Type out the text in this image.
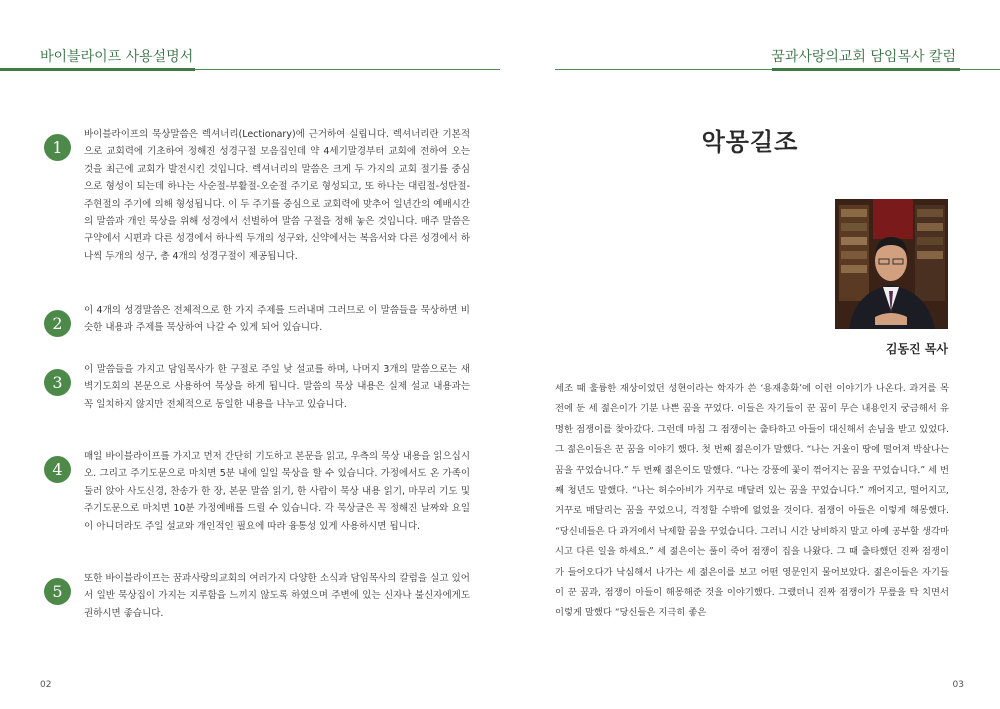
바이블라이프 사용설명서
1
바이블라이프의 묵상말씀은 렉셔너리(Lectionary)에 근거하여 실립니다. 렉셔너리란 기본적으로 교회력에 기초하여 정해진 성경구절 모음집인데 약 4세기말경부터 교회에 전하여 오는 것을 최근에 교회가 발전시킨 것입니다. 렉셔너리의 말씀은 크게 두 가지의 교회 절기를 중심으로 형성이 되는데 하나는 사순절-부활절-오순절 주기로 형성되고, 또 하나는 대림절-성탄절-주현절의 주기에 의해 형성됩니다. 이 두 주기를 중심으로 교회력에 맞추어 일년간의 예배시간의 말씀과 개인 묵상을 위해 성경에서 선별하여 말씀 구절을 정해 놓은 것입니다. 매주 말씀은 구약에서 시편과 다른 성경에서 하나씩 두개의 성구와, 신약에서는 복음서와 다른 성경에서 하나씩 두개의 성구, 총 4개의 성경구절이 제공됩니다.
2
이 4개의 성경말씀은 전체적으로 한 가지 주제를 드러내며 그러므로 이 말씀들을 묵상하면 비슷한 내용과 주제를 묵상하여 나갈 수 있게 되어 있습니다.
3
이 말씀들을 가지고 담임목사가 한 구절로 주일 낮 설교를 하며, 나머지 3개의 말씀으로는 새벽기도회의 본문으로 사용하여 묵상을 하게 됩니다. 말씀의 묵상 내용은 실제 설교 내용과는 꼭 일치하지 않지만 전체적으로 동일한 내용을 나누고 있습니다.
4
매일 바이블라이프를 가지고 먼저 간단히 기도하고 본문을 읽고, 우측의 묵상 내용을 읽으십시오. 그리고 주기도문으로 마치면 5분 내에 일일 묵상을 할 수 있습니다. 가정에서도 온 가족이 둘러 앉아 사도신경, 찬송가 한 장, 본문 말씀 읽기, 한 사람이 묵상 내용 읽기, 마무리 기도 및 주기도문으로 마치면 10분 가정예배를 드릴 수 있습니다. 각 묵상글은 꼭 정해진 날짜와 요일이 아니더라도 주일 설교와 개인적인 필요에 따라 융통성 있게 사용하시면 됩니다.
5
또한 바이블라이프는 꿈과사랑의교회의 여러가지 다양한 소식과 담임목사의 칼럼을 실고 있어서 일반 묵상집이 가지는 지루함을 느끼지 않도록 하였으며 주변에 있는 신자나 불신자에게도 권하시면 좋습니다.
02
꿈과사랑의교회 담임목사 칼럼
악몽길조
김동진 목사
세조 때 훌륭한 재상이었던 성현이라는 학자가 쓴 ‘용재총화’에 이런 이야기가 나온다. 과거를 목전에 둔 세 젊은이가 기분 나쁜 꿈을 꾸었다. 이들은 자기들이 꾼 꿈이 무슨 내용인지 궁금해서 유명한 점쟁이를 찾아갔다. 그런데 마침 그 점쟁이는 출타하고 아들이 대신해서 손님을 받고 있었다. 그 젊은이들은 꾼 꿈을 이야기 했다. 첫 번째 젊은이가 말했다. “나는 거울이 땅에 떨어져 박살나는 꿈을 꾸었습니다.” 두 번째 젊은이도 말했다. “나는 강풍에 꽃이 꺾어지는 꿈을 꾸었습니다.” 세 번째 청년도 말했다. “나는 허수아비가 거꾸로 매달려 있는 꿈을 꾸었습니다.” 깨어지고, 떨어지고, 거꾸로 매달리는 꿈을 꾸었으니, 걱정할 수밖에 없었을 것이다. 점쟁이 아들은 이렇게 해몽했다. “당신네들은 다 과거에서 낙제할 꿈을 꾸었습니다. 그러니 시간 낭비하지 말고 아예 공부할 생각마시고 다른 일을 하세요.” 세 젊은이는 풀이 죽어 점쟁이 집을 나왔다. 그 때 출타했던 진짜 점쟁이가 들어오다가 낙심해서 나가는 세 젊은이를 보고 어떤 영문인지 물어보았다. 젊은이들은 자기들이 꾼 꿈과, 점쟁이 아들이 해몽해준 것을 이야기했다. 그랬더니 진짜 점쟁이가 무릎을 탁 치면서 이렇게 말했다 “당신들은 지극히 좋은
03
